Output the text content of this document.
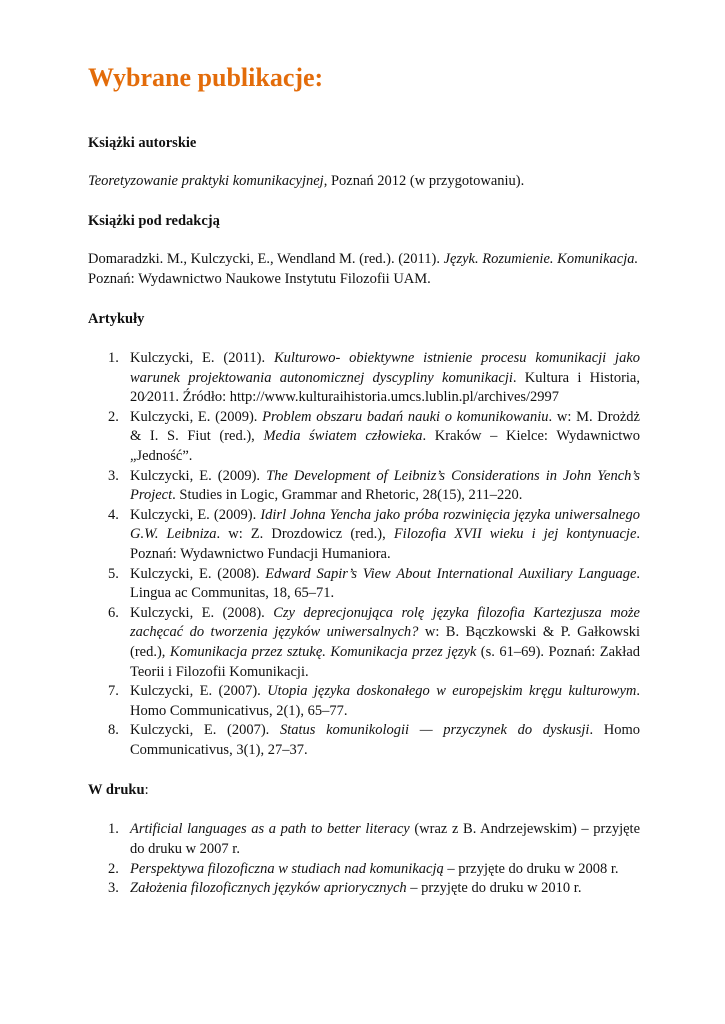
Wybrane publikacje:
Książki autorskie

Teoretyzowanie praktyki komunikacyjnej, Poznań 2012 (w przygotowaniu).

Książki pod redakcją

Domaradzki. M., Kulczycki, E., Wendland M. (red.). (2011). Język. Rozumienie. Komunikacja.
Poznań: Wydawnictwo Naukowe Instytutu Filozofii UAM.

Artykuły
1. Kulczycki, E. (2011). Kulturowo- obiektywne istnienie procesu komunikacji jako warunek projektowania autonomicznej dyscypliny komunikacji. Kultura i Historia, 20⁄2011. Źródło: http://www.kulturaihistoria.umcs.lublin.pl/archives/2997
2. Kulczycki, E. (2009). Problem obszaru badań nauki o komunikowaniu. w: M. Drożdż & I. S. Fiut (red.), Media światem człowieka. Kraków – Kielce: Wydawnictwo „Jedność”.
3. Kulczycki, E. (2009). The Development of Leibniz’s Considerations in John Yench’s Project. Studies in Logic, Grammar and Rhetoric, 28(15), 211–220.
4. Kulczycki, E. (2009). Idirl Johna Yencha jako próba rozwinięcia języka uniwersalnego G.W. Leibniza. w: Z. Drozdowicz (red.), Filozofia XVII wieku i jej kontynuacje. Poznań: Wydawnictwo Fundacji Humaniora.
5. Kulczycki, E. (2008). Edward Sapir’s View About International Auxiliary Language. Lingua ac Communitas, 18, 65–71.
6. Kulczycki, E. (2008). Czy deprecjonująca rolę języka filozofia Kartezjusza może zachęcać do tworzenia języków uniwersalnych? w: B. Bączkowski & P. Gałkowski (red.), Komunikacja przez sztukę. Komunikacja przez język (s. 61–69). Poznań: Zakład Teorii i Filozofii Komunikacji.
7. Kulczycki, E. (2007). Utopia języka doskonałego w europejskim kręgu kulturowym. Homo Communicativus, 2(1), 65–77.
8. Kulczycki, E. (2007). Status komunikologii — przyczynek do dyskusji. Homo Communicativus, 3(1), 27–37.
W druku:
1. Artificial languages as a path to better literacy (wraz z B. Andrzejewskim) – przyjęte do druku w 2007 r.
2. Perspektywa filozoficzna w studiach nad komunikacją – przyjęte do druku w 2008 r.
3. Założenia filozoficznych języków apriorycznych – przyjęte do druku w 2010 r.
